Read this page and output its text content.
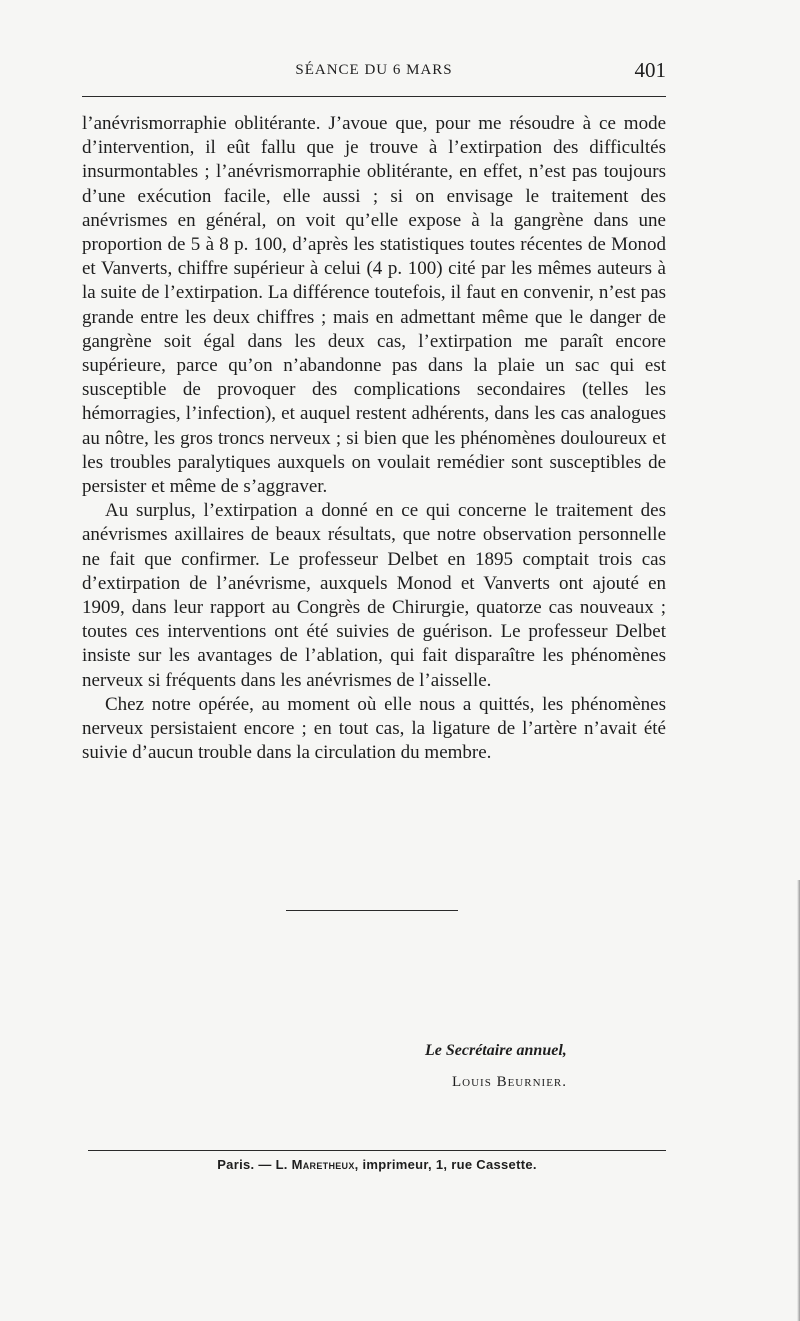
SÉANCE DU 6 MARS	401

l’anévrismorraphie oblitérante. J’avoue que, pour me résoudre à ce mode d’intervention, il eût fallu que je trouve à l’extirpation des difficultés insurmontables ; l’anévrismorraphie oblitérante, en effet, n’est pas toujours d’une exécution facile, elle aussi ; si on envisage le traitement des anévrismes en général, on voit qu’elle expose à la gangrène dans une proportion de 5 à 8 p. 100, d’après les statistiques toutes récentes de Monod et Vanverts, chiffre supérieur à celui (4 p. 100) cité par les mêmes auteurs à la suite de l’extirpation. La différence toutefois, il faut en convenir, n’est pas grande entre les deux chiffres ; mais en admettant même que le danger de gangrène soit égal dans les deux cas, l’extirpation me paraît encore supérieure, parce qu’on n’abandonne pas dans la plaie un sac qui est susceptible de provoquer des complications secondaires (telles les hémorragies, l’infection), et auquel restent adhérents, dans les cas analogues au nôtre, les gros troncs nerveux ; si bien que les phénomènes douloureux et les troubles paralytiques auxquels on voulait remédier sont susceptibles de persister et même de s’aggraver.

Au surplus, l’extirpation a donné en ce qui concerne le traitement des anévrismes axillaires de beaux résultats, que notre observation personnelle ne fait que confirmer. Le professeur Delbet en 1895 comptait trois cas d’extirpation de l’anévrisme, auxquels Monod et Vanverts ont ajouté en 1909, dans leur rapport au Congrès de Chirurgie, quatorze cas nouveaux ; toutes ces interventions ont été suivies de guérison. Le professeur Delbet insiste sur les avantages de l’ablation, qui fait disparaître les phénomènes nerveux si fréquents dans les anévrismes de l’aisselle.

Chez notre opérée, au moment où elle nous a quittés, les phénomènes nerveux persistaient encore ; en tout cas, la ligature de l’artère n’avait été suivie d’aucun trouble dans la circulation du membre.

Le Secrétaire annuel,
Louis Beurnier.
Paris. — L. Maretheux, imprimeur, 1, rue Cassette.
